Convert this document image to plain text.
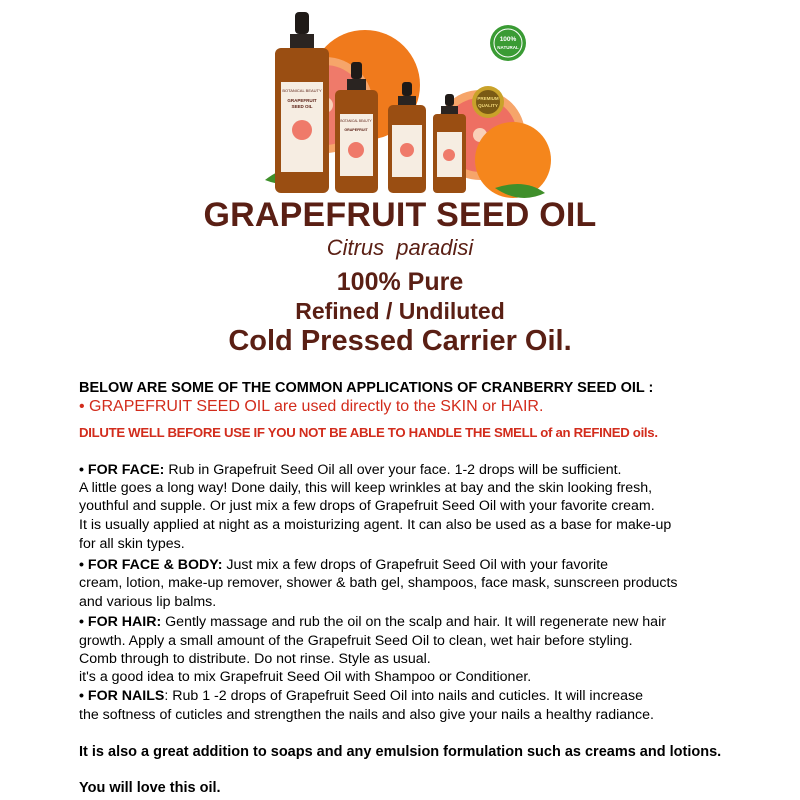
100%
NATURAL
PREMIUM
QUALITY
BOTANICAL BEAUTY
GRAPEFRUIT
SEED OIL
BOTANICAL BEAUTY
GRAPEFRUIT
GRAPEFRUIT SEED OIL
Citrus paradisi
100% Pure
Refined / Undiluted
Cold Pressed Carrier Oil.
BELOW ARE SOME OF THE COMMON APPLICATIONS OF CRANBERRY SEED OIL :
• GRAPEFRUIT SEED OIL are used directly to the SKIN or HAIR.
DILUTE WELL BEFORE USE IF YOU NOT BE ABLE TO HANDLE THE SMELL of an REFINED oils.
• FOR FACE: Rub in Grapefruit Seed Oil all over your face. 1-2 drops will be sufficient.
A little goes a long way! Done daily, this will keep wrinkles at bay and the skin looking fresh,
youthful and supple. Or just mix a few drops of Grapefruit Seed Oil with your favorite cream.
It is usually applied at night as a moisturizing agent. It can also be used as a base for make-up
for all skin types.
• FOR FACE & BODY: Just mix a few drops of Grapefruit Seed Oil with your favorite
cream, lotion, make-up remover, shower & bath gel, shampoos, face mask, sunscreen products
and various lip balms.
• FOR HAIR: Gently massage and rub the oil on the scalp and hair. It will regenerate new hair
growth. Apply a small amount of the Grapefruit Seed Oil to clean, wet hair before styling.
Comb through to distribute. Do not rinse. Style as usual.
it's a good idea to mix Grapefruit Seed Oil with Shampoo or Conditioner.
• FOR NAILS: Rub 1 -2 drops of Grapefruit Seed Oil into nails and cuticles. It will increase
the softness of cuticles and strengthen the nails and also give your nails a healthy radiance.
It is also a great addition to soaps and any emulsion formulation such as creams and lotions.
You will love this oil.
